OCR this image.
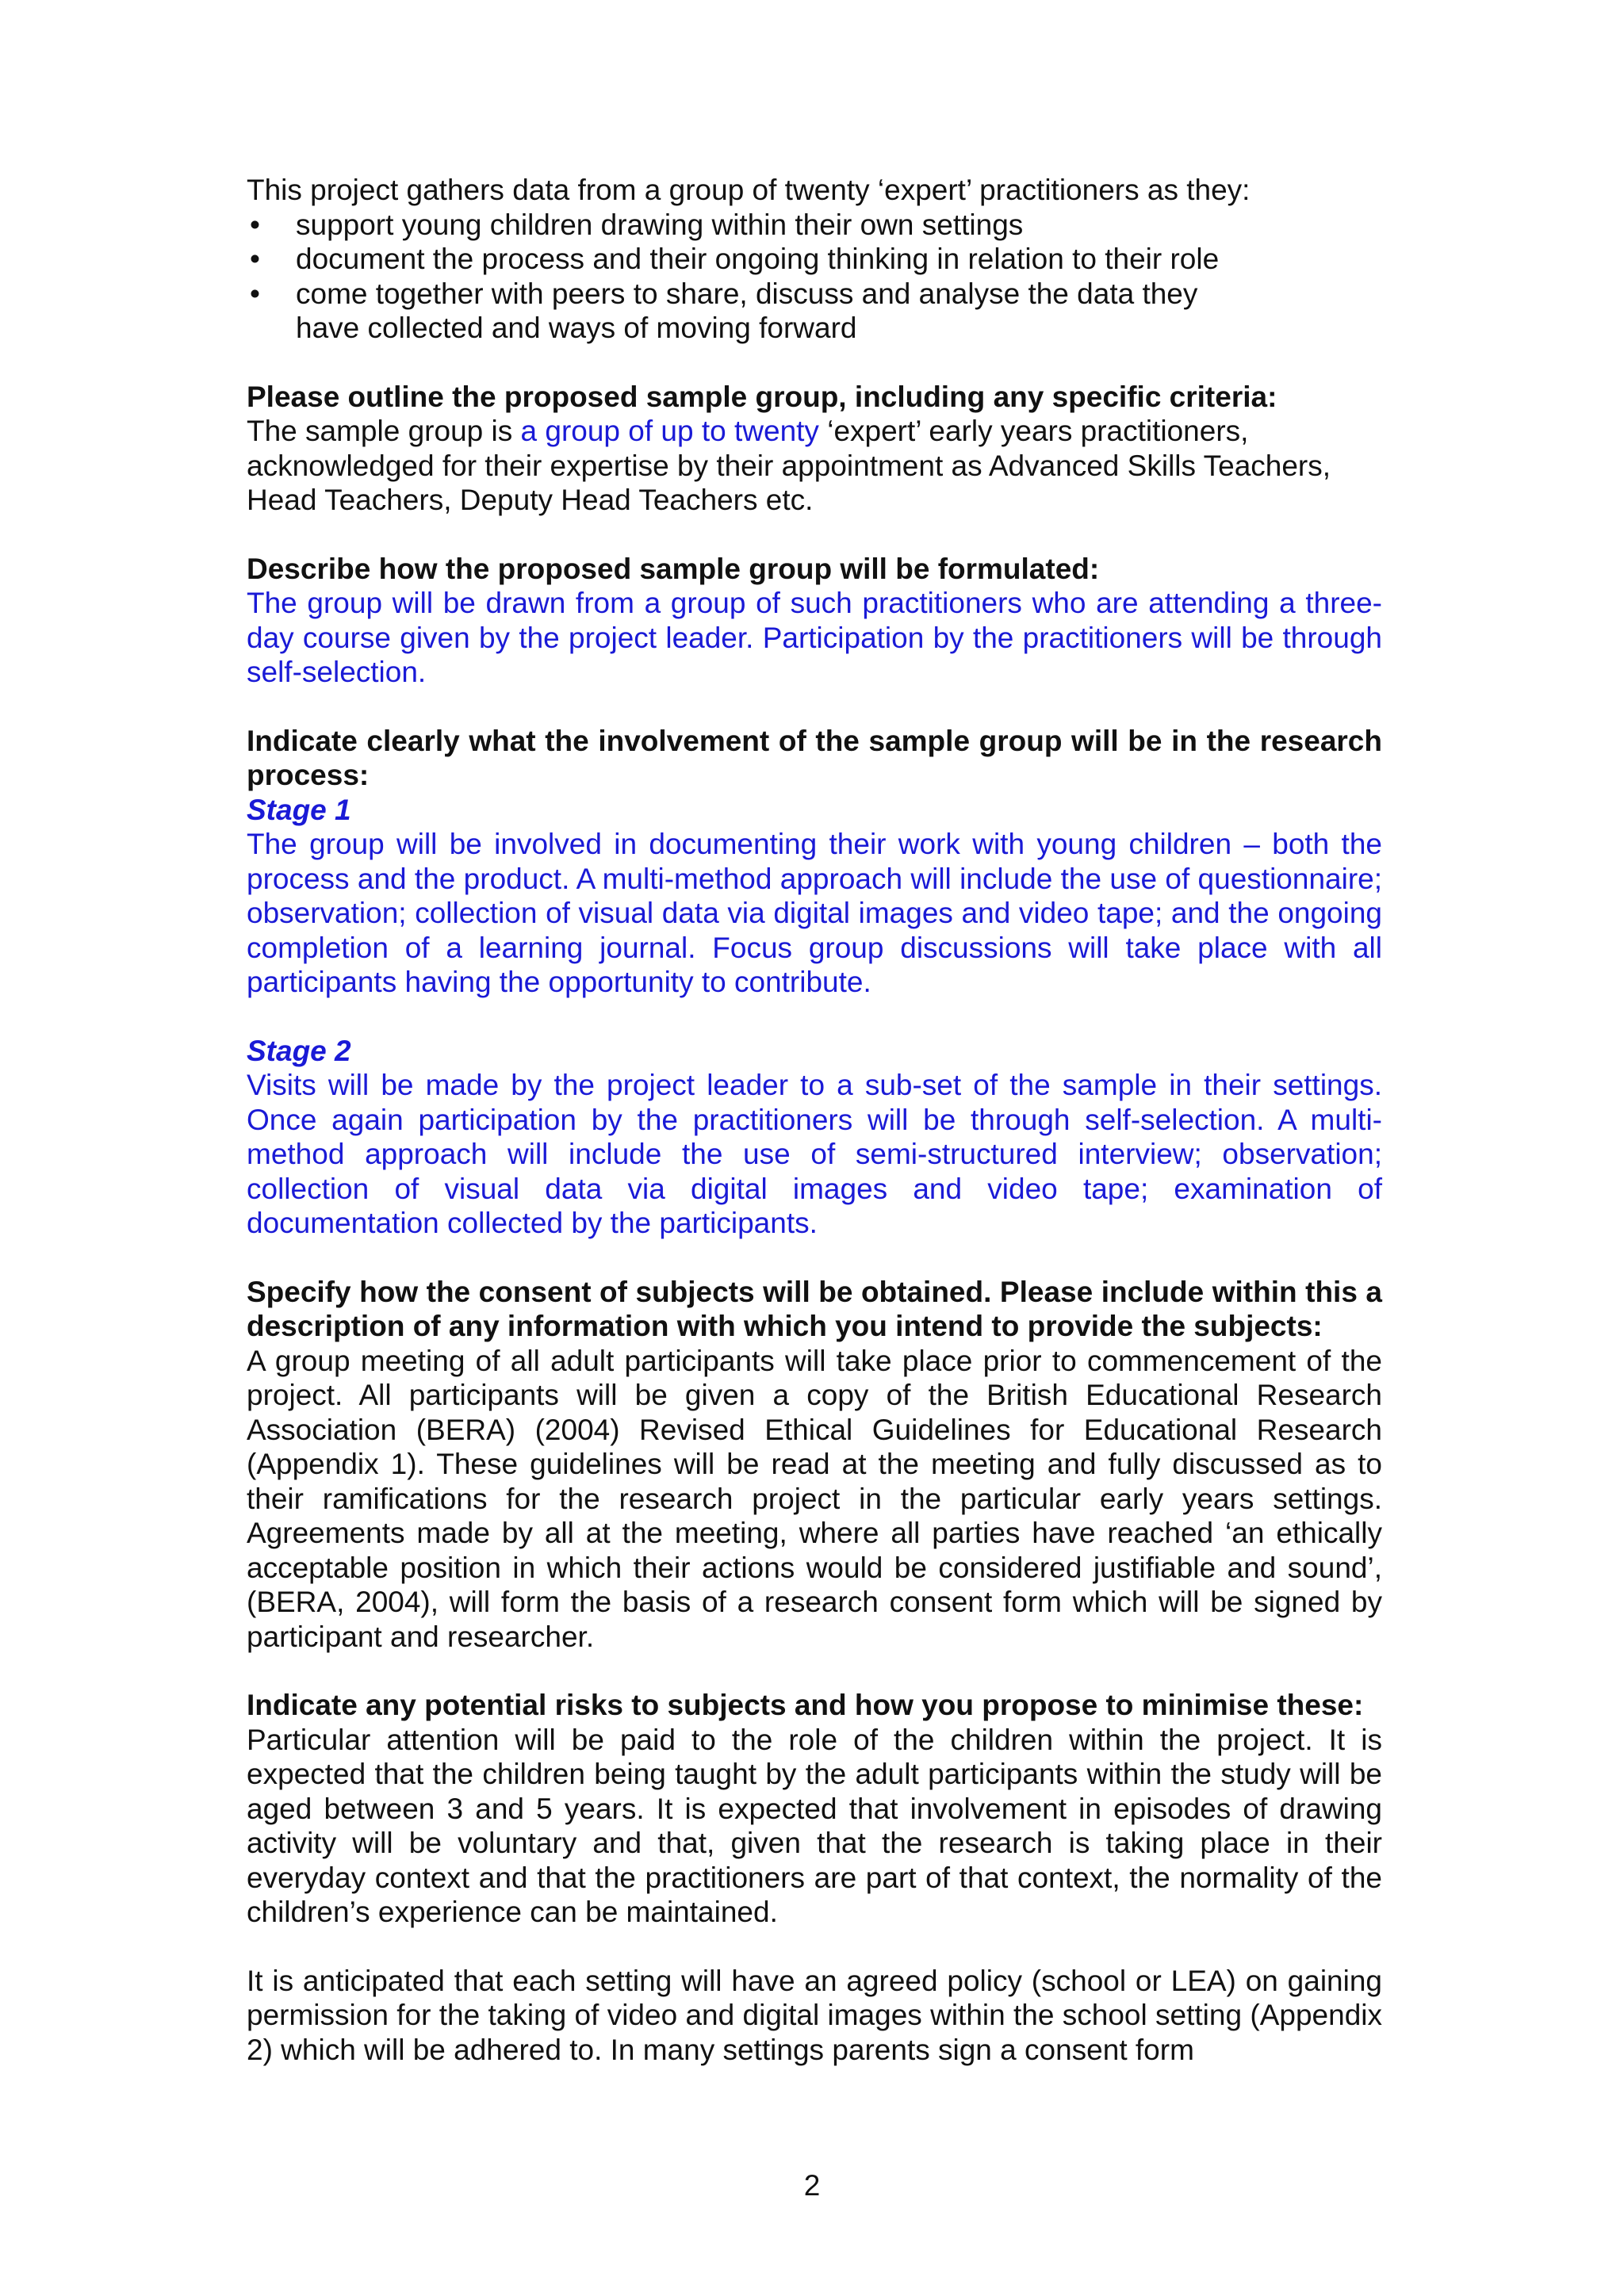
This project gathers data from a group of twenty ‘expert’ practitioners as they:

• support young children drawing within their own settings
• document the process and their ongoing thinking in relation to their role
• come together with peers to share, discuss and analyse the data they have collected and ways of moving forward

Please outline the proposed sample group, including any specific criteria:

The sample group is a group of up to twenty ‘expert’ early years practitioners, acknowledged for their expertise by their appointment as Advanced Skills Teachers, Head Teachers, Deputy Head Teachers etc.

Describe how the proposed sample group will be formulated:

The group will be drawn from a group of such practitioners who are attending a three-day course given by the project leader. Participation by the practitioners will be through self-selection.

Indicate clearly what the involvement of the sample group will be in the research process:

Stage 1

The group will be involved in documenting their work with young children – both the process and the product. A multi-method approach will include the use of questionnaire; observation; collection of visual data via digital images and video tape; and the ongoing completion of a learning journal. Focus group discussions will take place with all participants having the opportunity to contribute.

Stage 2

Visits will be made by the project leader to a sub-set of the sample in their settings. Once again participation by the practitioners will be through self-selection. A multi-method approach will include the use of semi-structured interview; observation; collection of visual data via digital images and video tape; examination of documentation collected by the participants.

Specify how the consent of subjects will be obtained. Please include within this a description of any information with which you intend to provide the subjects:

A group meeting of all adult participants will take place prior to commencement of the project. All participants will be given a copy of the British Educational Research Association (BERA) (2004) Revised Ethical Guidelines for Educational Research (Appendix 1). These guidelines will be read at the meeting and fully discussed as to their ramifications for the research project in the particular early years settings. Agreements made by all at the meeting, where all parties have reached ‘an ethically acceptable position in which their actions would be considered justifiable and sound’, (BERA, 2004), will form the basis of a research consent form which will be signed by participant and researcher.

Indicate any potential risks to subjects and how you propose to minimise these:

Particular attention will be paid to the role of the children within the project. It is expected that the children being taught by the adult participants within the study will be aged between 3 and 5 years. It is expected that involvement in episodes of drawing activity will be voluntary and that, given that the research is taking place in their everyday context and that the practitioners are part of that context, the normality of the children’s experience can be maintained.

It is anticipated that each setting will have an agreed policy (school or LEA) on gaining permission for the taking of video and digital images within the school setting (Appendix 2) which will be adhered to. In many settings parents sign a consent form

2
